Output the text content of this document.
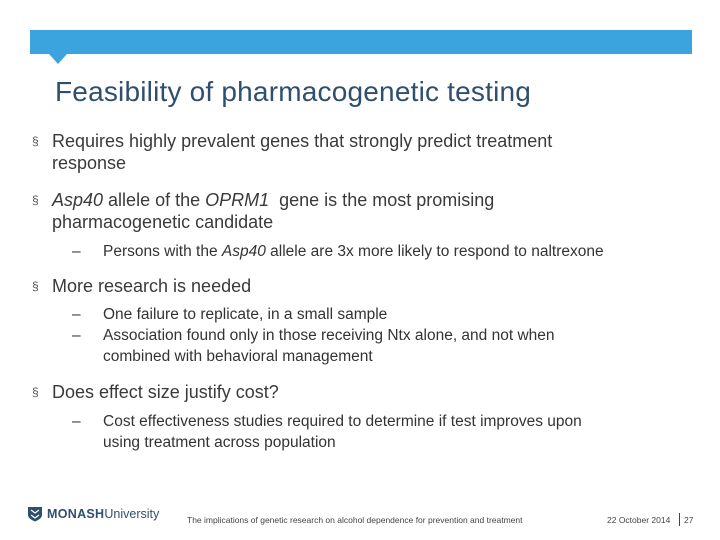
Feasibility of pharmacogenetic testing
§ Requires highly prevalent genes that strongly predict treatment
response
§ Asp40 allele of the OPRM1  gene is the most promising
pharmacogenetic candidate
– Persons with the Asp40 allele are 3x more likely to respond to naltrexone
§ More research is needed
– One failure to replicate, in a small sample
– Association found only in those receiving Ntx alone, and not when
combined with behavioral management
§ Does effect size justify cost?
– Cost effectiveness studies required to determine if test improves upon
using treatment across population
MONASHUniversity	The implications of genetic research on alcohol dependence for prevention and treatment	22 October 2014 27
